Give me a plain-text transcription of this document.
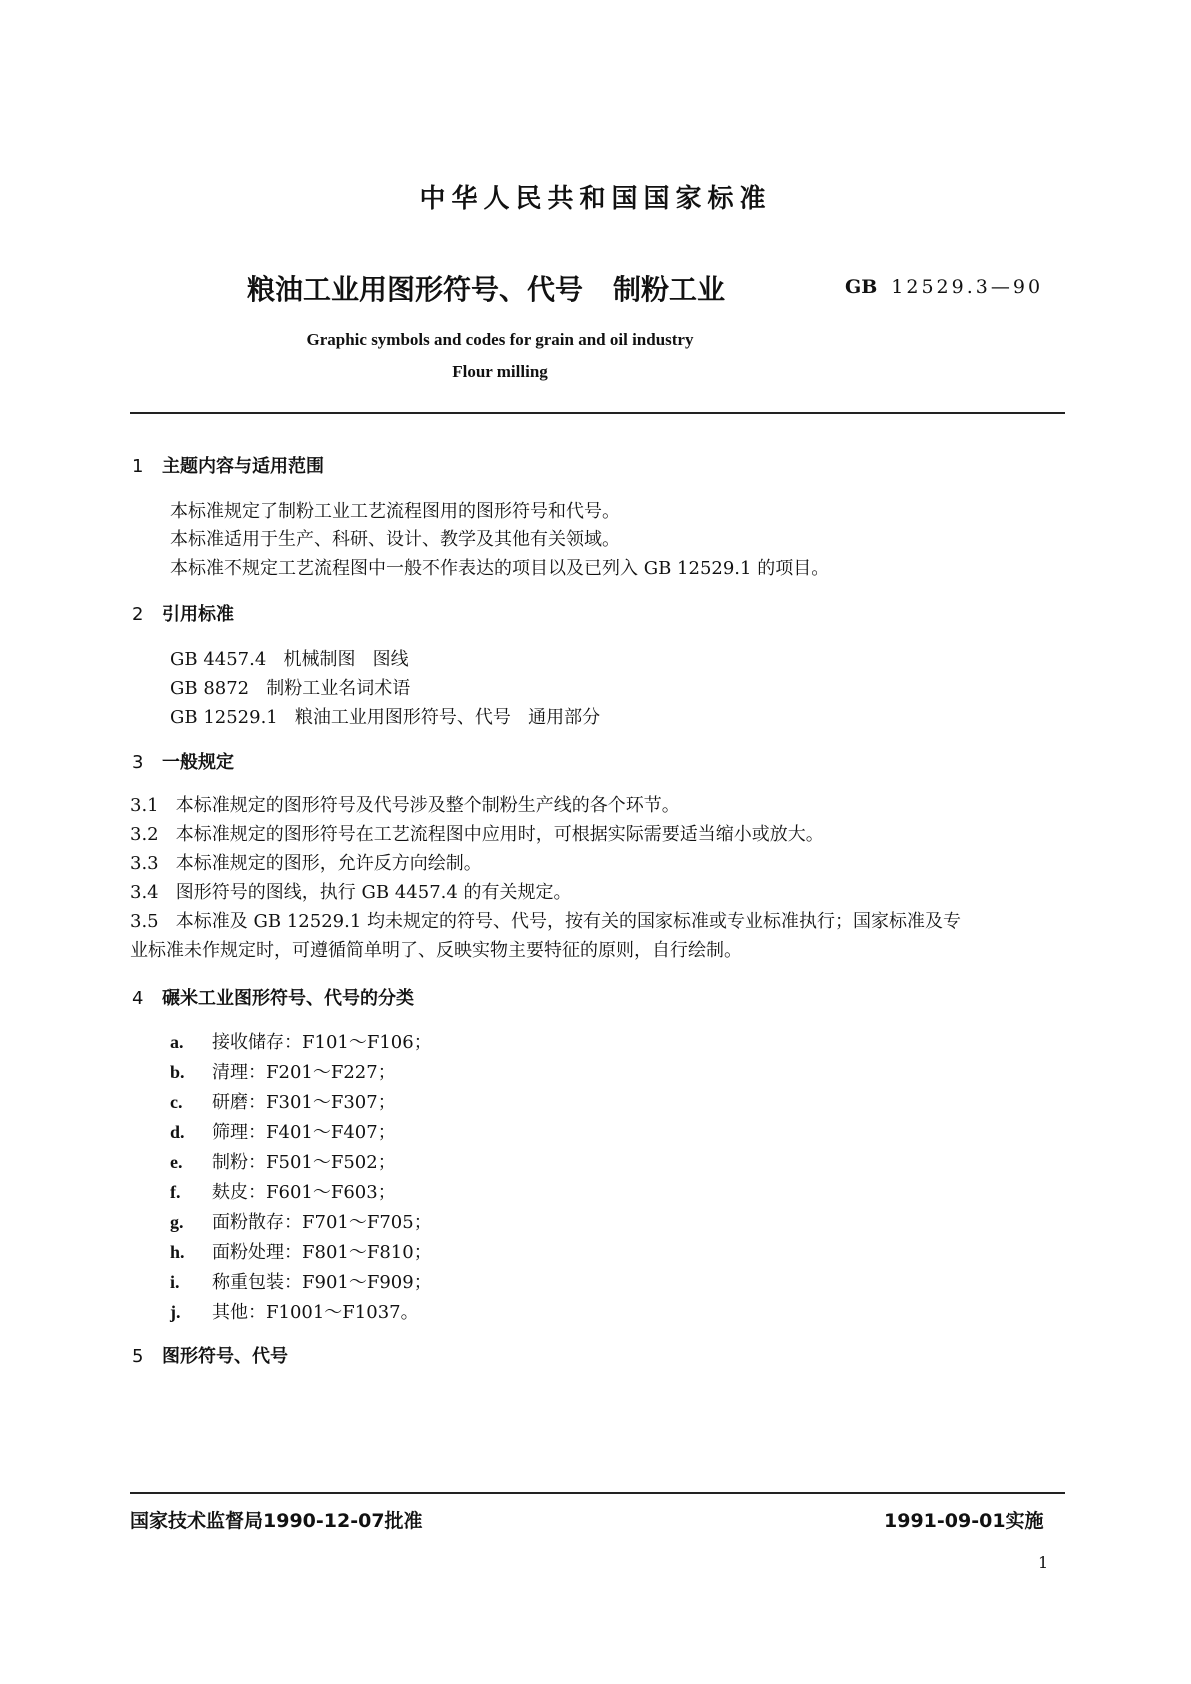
中华人民共和国国家标准
粮油工业用图形符号、代号 制粉工业	GB 12529.3—90
Graphic symbols and codes for grain and oil industry
Flour milling
1 主题内容与适用范围
本标准规定了制粉工业工艺流程图用的图形符号和代号。
本标准适用于生产、科研、设计、教学及其他有关领域。
本标准不规定工艺流程图中一般不作表达的项目以及已列入 GB 12529.1 的项目。
2 引用标准
GB 4457.4   机械制图   图线
GB 8872   制粉工业名词术语
GB 12529.1   粮油工业用图形符号、代号   通用部分
3 一般规定
3.1   本标准规定的图形符号及代号涉及整个制粉生产线的各个环节。
3.2   本标准规定的图形符号在工艺流程图中应用时，可根据实际需要适当缩小或放大。
3.3   本标准规定的图形，允许反方向绘制。
3.4   图形符号的图线，执行 GB 4457.4 的有关规定。
3.5   本标准及 GB 12529.1 均未规定的符号、代号，按有关的国家标准或专业标准执行；国家标准及专
业标准未作规定时，可遵循简单明了、反映实物主要特征的原则，自行绘制。
4 碾米工业图形符号、代号的分类
a. 接收储存：F101～F106；
b. 清理：F201～F227；
c. 研磨：F301～F307；
d. 筛理：F401～F407；
e. 制粉：F501～F502；
f. 麸皮：F601～F603；
g. 面粉散存：F701～F705；
h. 面粉处理：F801～F810；
i. 称重包装：F901～F909；
j. 其他：F1001～F1037。
5 图形符号、代号
国家技术监督局1990-12-07批准	1991-09-01实施
1
